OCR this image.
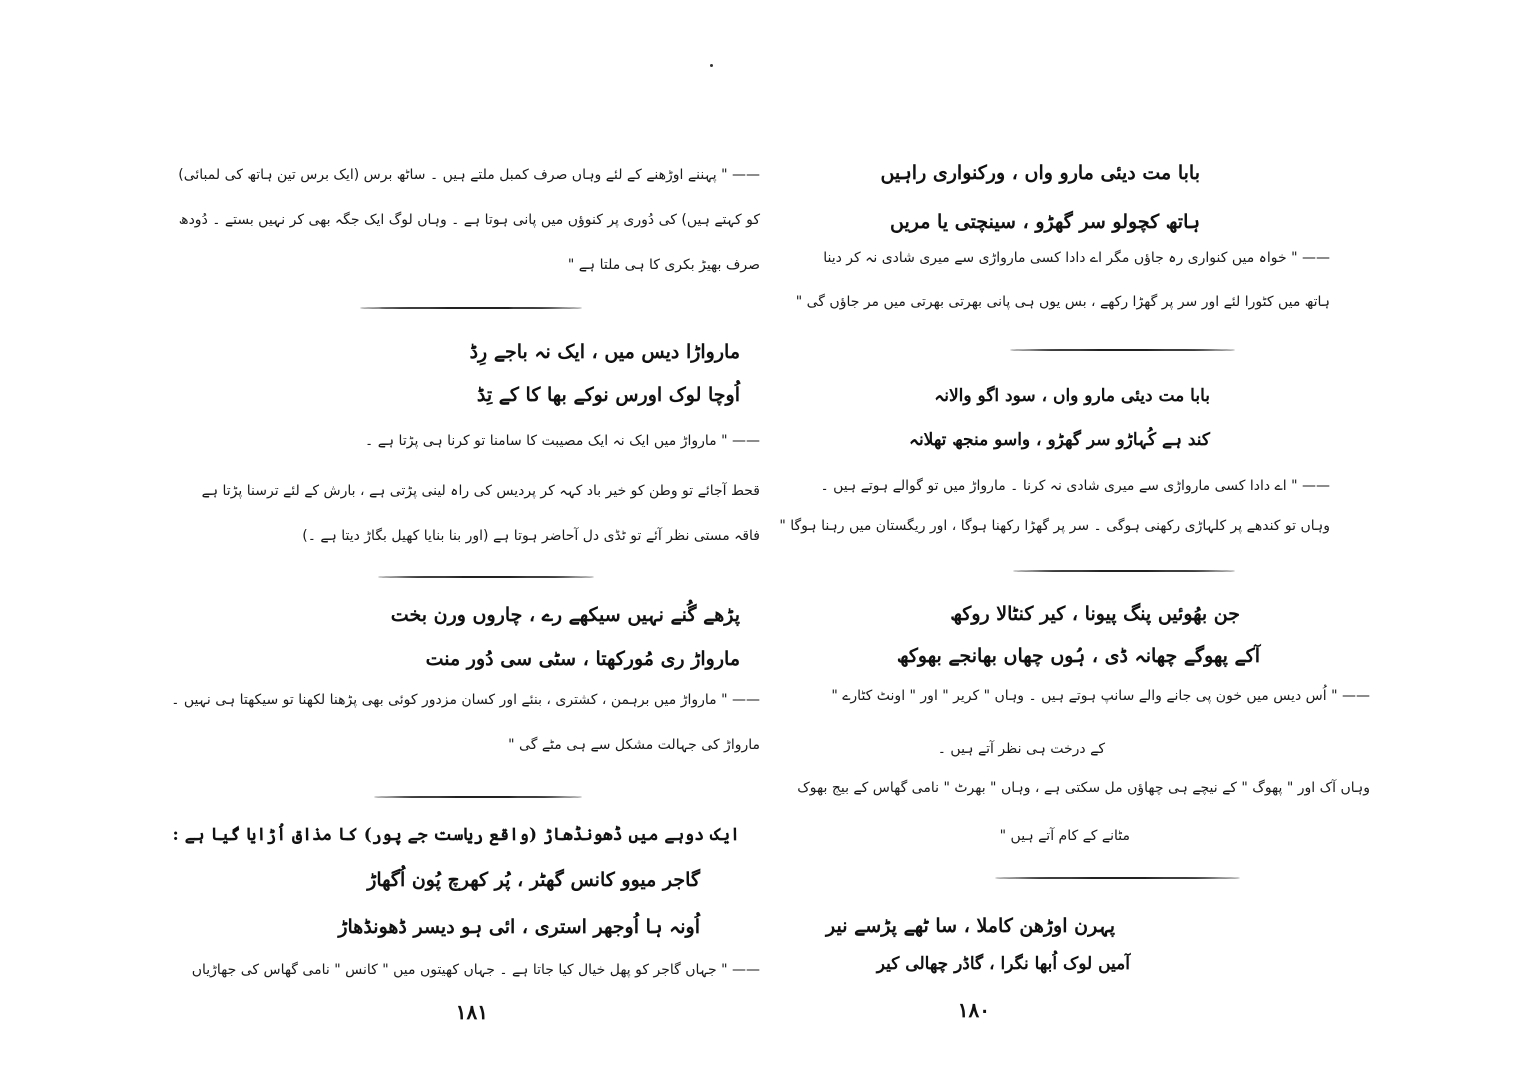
—— " پہننے اوڑھنے کے لئے وہاں صرف کمبل ملتے ہیں ۔ ساٹھ برس (ایک برس تین ہاتھ کی لمبائی)
کو کہتے ہیں) کی دُوری پر کنوؤں میں پانی ہوتا ہے ۔ وہاں لوگ ایک جگہ بھی کر نہیں بستے ۔ دُودھ
صرف بھیڑ بکری کا ہی ملتا ہے "
مارواڑا دیس میں ، ایک نہ باجے رِڈ
اُوچا لوک اورس نوکے بھا کا کے تِڈ
—— " مارواڑ میں ایک نہ ایک مصیبت کا سامنا تو کرنا ہی پڑتا ہے ۔
قحط آجائے تو وطن کو خیر باد کہہ کر پردیس کی راہ لینی پڑتی ہے ، بارش کے لئے ترسنا پڑتا ہے
فاقہ مستی نظر آئے تو ٹڈی دل آحاضر ہوتا ہے (اور بنا بنایا کھیل بگاڑ دیتا ہے ۔)
پڑھے گُنے نہیں سیکھے رے ، چاروں ورن بخت
مارواڑ ری مُورکھتا ، سٹی سی دُور منت
—— " مارواڑ میں برہمن ، کشتری ، بنئے اور کسان مزدور کوئی بھی پڑھنا لکھنا تو سیکھتا ہی نہیں ۔
مارواڑ کی جہالت مشکل سے ہی مٹے گی "
ایک دوہے میں ڈھونڈھاڑ (واقع ریاست جے پور) کا مذاق اُڑایا گیا ہے :
گاجر میوو کانس گھٹر ، پُر کھرچ پُون اُگھاڑ
اُونہ ہا اُوجھر استری ، ائی ہو دیسر ڈھونڈھاڑ
—— " جہاں گاجر کو پھل خیال کیا جاتا ہے ۔ جہاں کھیتوں میں " کانس " نامی گھاس کی جھاڑیاں
۱۸۱
بابا مت دیئی مارو واں ، ورکنواری راہیں
ہاتھ کچولو سر گھڑو ، سینچتی یا مریں
—— " خواہ میں کنواری رہ جاؤں مگر اے دادا کسی مارواڑی سے میری شادی نہ کر دینا
ہاتھ میں کٹورا لئے اور سر پر گھڑا رکھے ، بس یوں ہی پانی بھرتی بھرتی میں مر جاؤں گی "
بابا مت دیئی مارو واں ، سود اگو والانہ
کند ہے کُہاڑو سر گھڑو ، واسو منجھ تھلانہ
—— " اے دادا کسی مارواڑی سے میری شادی نہ کرنا ۔ مارواڑ میں تو گوالے ہوتے ہیں ۔
وہاں تو کندھے پر کلہاڑی رکھنی ہوگی ۔ سر پر گھڑا رکھنا ہوگا ، اور ریگستان میں رہنا ہوگا "
جن بھُوئیں پنگ پیونا ، کیر کنٹالا روکھ
آکے پھوگے چھانہ ڈی ، ہُوں چھاں بھانجے بھوکھ
—— " اُس دیس میں خون پی جانے والے سانپ ہوتے ہیں ۔ وہاں " کریر " اور " اونٹ کٹارے "
کے درخت ہی نظر آتے ہیں ۔
وہاں آک اور " پھوگ " کے نیچے ہی چھاؤں مل سکتی ہے ، وہاں " بھرٹ " نامی گھاس کے بیج بھوک
مٹانے کے کام آتے ہیں "
پہرن اوڑھن کاملا ، سا ٹھے پڑسے نیر
آمیں لوک اُبھا نگرا ، گاڈر چھالی کیر
۱۸۰
